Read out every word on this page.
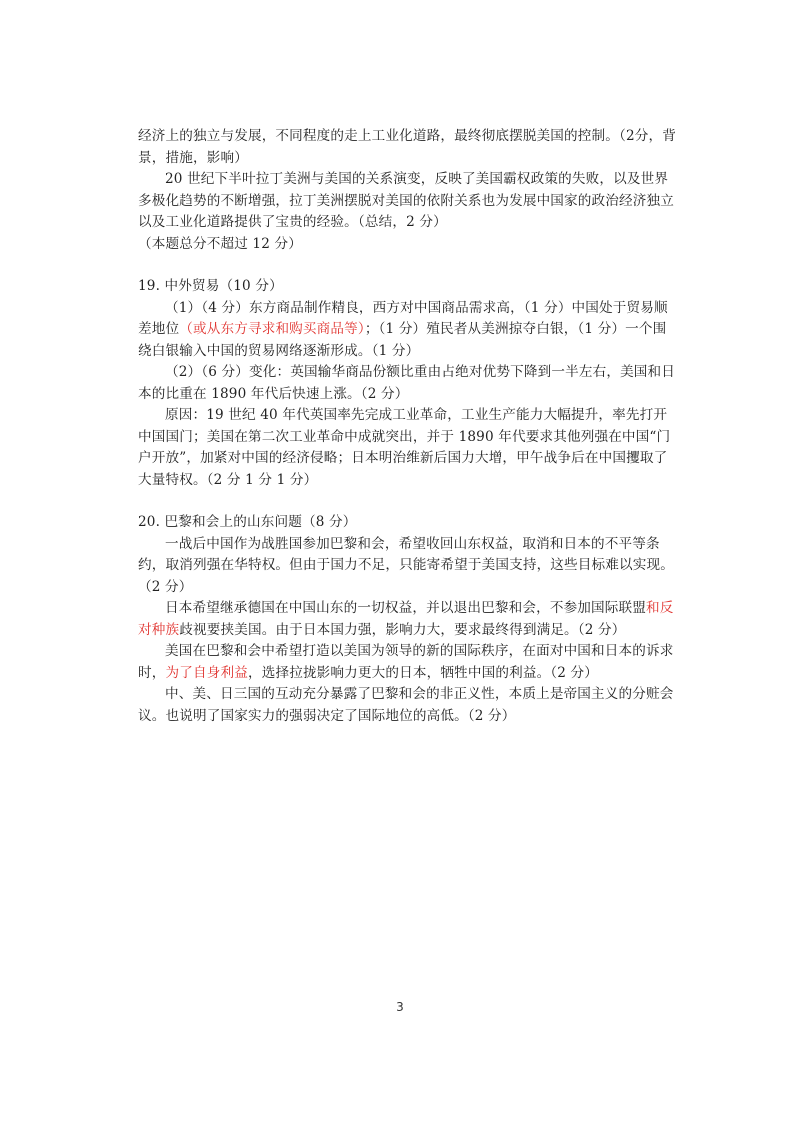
经济上的独立与发展，不同程度的走上工业化道路，最终彻底摆脱美国的控制。（2分，背景，措施，影响）

20 世纪下半叶拉丁美洲与美国的关系演变，反映了美国霸权政策的失败，以及世界多极化趋势的不断增强，拉丁美洲摆脱对美国的依附关系也为发展中国家的政治经济独立以及工业化道路提供了宝贵的经验。（总结，2 分）

（本题总分不超过 12 分）

19. 中外贸易（10 分）

（1）（4 分）东方商品制作精良，西方对中国商品需求高，（1 分）中国处于贸易顺差地位（或从东方寻求和购买商品等）；（1 分）殖民者从美洲掠夺白银，（1 分）一个围绕白银输入中国的贸易网络逐渐形成。（1 分）

（2）（6 分）变化：英国输华商品份额比重由占绝对优势下降到一半左右，美国和日本的比重在 1890 年代后快速上涨。（2 分）

原因：19 世纪 40 年代英国率先完成工业革命，工业生产能力大幅提升，率先打开中国国门；美国在第二次工业革命中成就突出，并于 1890 年代要求其他列强在中国“门户开放”，加紧对中国的经济侵略；日本明治维新后国力大增，甲午战争后在中国攫取了大量特权。（2 分 1 分 1 分）

20. 巴黎和会上的山东问题（8 分）

一战后中国作为战胜国参加巴黎和会，希望收回山东权益，取消和日本的不平等条约，取消列强在华特权。但由于国力不足，只能寄希望于美国支持，这些目标难以实现。（2 分）

日本希望继承德国在中国山东的一切权益，并以退出巴黎和会，不参加国际联盟和反对种族歧视要挟美国。由于日本国力强，影响力大，要求最终得到满足。（2 分）

美国在巴黎和会中希望打造以美国为领导的新的国际秩序，在面对中国和日本的诉求时，为了自身利益，选择拉拢影响力更大的日本，牺牲中国的利益。（2 分）

中、美、日三国的互动充分暴露了巴黎和会的非正义性，本质上是帝国主义的分赃会议。也说明了国家实力的强弱决定了国际地位的高低。（2 分）

3
